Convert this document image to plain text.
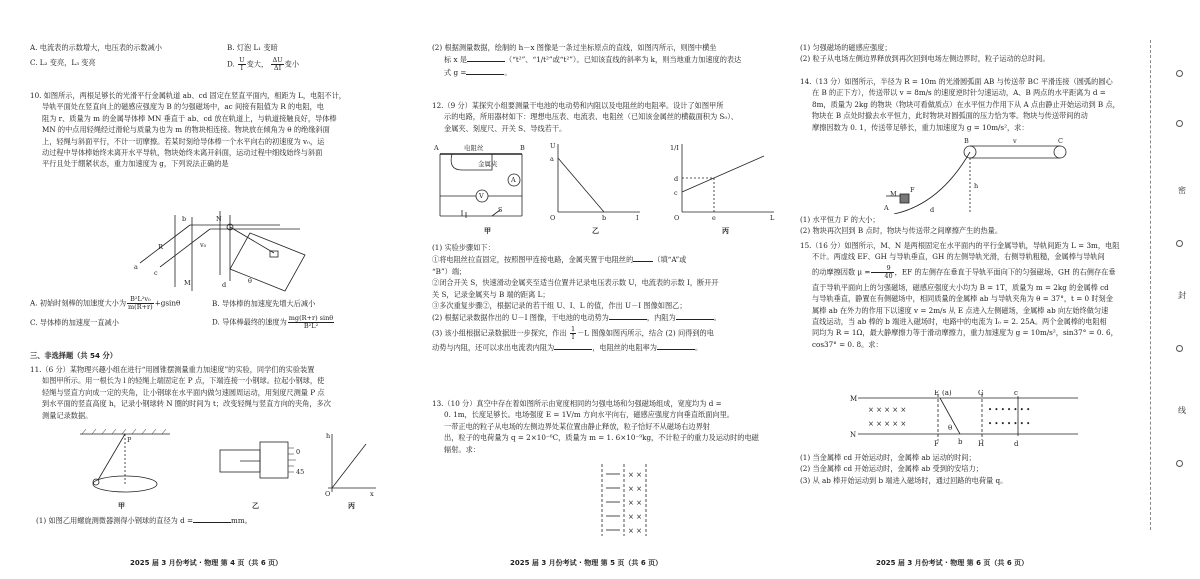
A. 电流表的示数增大，电压表的示数减小	B. 灯泡 L₁ 变暗
C. L₂ 变亮，L₃ 变亮	D. $\frac{U}{I}$ 变大， $\frac{\Delta U}{\Delta I}$ 变小

10. 如图所示，两根足够长的光滑平行金属轨道 ab、cd 固定在竖直平面内，相距为 L，电阻不计，

导轨平面处在竖直向上的磁感应强度为 B 的匀强磁场中，ac 间接有阻值为 R 的电阻，电

阻为 r、质量为 m 的金属导体棒 MN 垂直于 ab、cd 放在轨道上，与轨道接触良好，导体棒

MN 的中点用轻绳经过滑轮与质量为也为 m 的物块相连接。物块放在倾角为 θ 的绝缘斜面

上，轻绳与斜面平行，不计一切摩擦。若某时刻给导体棒一个水平向右的初速度为 v₀，运

动过程中导体棒始终未离开水平导轨，物块始终未离开斜面，运动过程中细线始终与斜面

平行且处于绷紧状态，重力加速度为 g，下列说法正确的是

a
c
R
b	N
v₀
M	d	θ
A. 初始时刻棒的加速度大小为 $\frac{\text{B²L²v₀}}{m(R+r)} +gsin\theta$	B. 导体棒的加速度先增大后减小
C. 导体棒的加速度一直减小	D. 导体棒最终的速度为 $\frac{mg(R+r) \sin\theta}{\text{B²L²}}$
三、非选择题（共 54 分）

11.（6 分）某物理兴趣小组在进行“用圆锥摆测量重力加速度”的实验，同学们的实验装置

如图甲所示。用一根长为 l 的轻绳上端固定在 P 点，下端连接一小钢球。拉起小钢球，使

轻绳与竖直方向成一定的夹角，让小钢球在水平面内做匀速圆周运动，用刻度尺测量 P 点

到水平面的竖直高度 h，记录小钢球转 N 圈的时间为 t；改变轻绳与竖直方向的夹角，多次

测量记录数据。

P
0
45
h
x
O
甲	乙	丙
(1) 如图乙用螺旋测微器测得小钢球的直径为 d =	mm。
2025 届 3 月份考试 · 物理 第 4 页（共 6 页）

(2) 根据测量数据，绘制的 h－x 图像是一条过坐标原点的直线，如图丙所示，则图中横坐

标 x 是	（“t²”、“1/t²”或“t²”）。已知该直线的斜率为 k，则当地重力加速度的表达

式 g =	。

12.（9 分）某探究小组要测量干电池的电动势和内阻以及电阻丝的电阻率。设计了如图甲所

示的电路，所用器材如下：理想电压表、电流表、电阻丝（已知该金属丝的横截面积为 S₀）、

金属夹、刻度尺、开关 S、导线若干。

A	电阻丝	B
金属夹
A
V
S
U
a
O	b	I
1/I
d
c
O	e	L
甲	乙	丙

(1) 实验步骤如下：

①将电阻丝拉直固定，按照图甲连接电路，金属夹置于电阻丝的	（填“A”或

“B”）端；

②闭合开关 S，快速滑动金属夹至适当位置并记录电压表示数 U，电流表的示数 I，断开开

关 S，记录金属夹与 B 端的距离 L；

③多次重复步骤②，根据记录的若干组 U、I、L 的值，作出 U－I 图像如图乙；

(2) 根据记录数据作出的 U－I 图像，干电池的电动势为	，内阻为	。

(3) 该小组根据记录数据进一步探究，作出 $\frac{1}{I} -L$ 图像如图丙所示，结合 (2) 问得到的电

动势与内阻，还可以求出电流表内阻为	，电阻丝的电阻率为	。

13.（10 分）真空中存在着如图所示由宽度相同的匀强电场和匀强磁场组成，宽度均为 d =

0. 1m，长度足够长。电场强度 E = 1V/m 方向水平向右，磁感应强度方向垂直纸面向里。

一带正电的粒子从电场的左侧边界处某位置由静止释放，粒子恰好不从磁场右边界射

出，粒子的电荷量为 q = 2×10⁻⁶C，质量为 m = 1. 6×10⁻⁹kg，不计粒子的重力及运动时的电磁

辐射。求：

× ×
× ×
× ×
× ×
× ×
2025 届 3 月份考试 · 物理 第 5 页（共 6 页）

(1) 匀强磁场的磁感应强度；

(2) 粒子从电场左侧边界释放到再次回到电场左侧边界时，粒子运动的总时间。

14.（13 分）如图所示，半径为 R = 10m 的光滑圆弧面 AB 与传送带 BC 平滑连接（圆弧的圆心

在 B 的正下方），传送带以 v = 8m/s 的速度逆时针匀速运动，A、B 两点的水平距离为 d =

8m，质量为 2kg 的物块（物块可看做质点）在水平恒力作用下从 A 点由静止开始运动到 B 点，

物块在 B 点处时撤去水平恒力，此时物块对圆弧面的压力恰为零。物块与传送带间的动

摩擦因数为 0. 1，传送带足够长，重力加速度为 g = 10m/s²，求：

B	v	C
M F
A	d
h

(1) 水平恒力 F 的大小；

(2) 物块再次回到 B 点时，物块与传送带之间摩擦产生的热量。

15.（16 分）如图所示，M、N 是两根固定在水平面内的平行金属导轨，导轨间距为 L = 3m，电阻

不计。两虚线 EF、GH 与导轨垂直，GH 的左侧导轨光滑，右侧导轨粗糙，金属棒与导轨间

的动摩擦因数 $\mu = \frac{9}{40}$ ，EF 的左侧存在垂直于导轨平面向下的匀强磁场，GH 的右侧存在垂

直于导轨平面向上的匀强磁场，磁感应强度大小均为 B = 1T，质量为 m = 2kg 的金属棒 cd

与导轨垂直，静置在有侧磁场中，相同质量的金属棒 ab 与导轨夹角为 θ = 37°，t = 0 时刻金

属棒 ab 在外力的作用下以速度 v = 2m/s 从 E 点进入左侧磁场，金属棒 ab 向左始终做匀速

直线运动，当 ab 棒的 b 端进入磁场时，电路中的电流为 I₀ = 2. 25A。两个金属棒的电阻相

同均为 R = 1Ω，最大静摩擦力等于滑动摩擦力，重力加速度为 g = 10m/s²，sin37° = 0. 6，

cos37° = 0. 8。求：

M
N
× × × × ×
× × × × ×
• • • • • • •
• • • • • • •
E (a)
F	b
θ
G
H
c
d

(1) 当金属棒 cd 开始运动时，金属棒 ab 运动的时间；

(2) 当金属棒 cd 开始运动时，金属棒 ab 受到的安培力；

(3) 从 ab 棒开始运动到 b 端进入磁场时，通过回路的电荷量 q。

2025 届 3 月份考试 · 物理 第 6 页（共 6 页）
密
封
线
